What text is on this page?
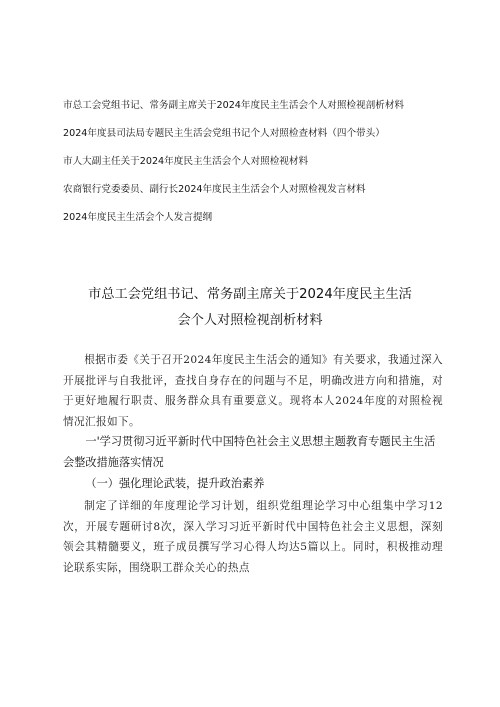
市总工会党组书记、常务副主席关于2024年度民主生活会个人对照检视剖析材料
2024年度县司法局专题民主生活会党组书记个人对照检查材料（四个带头）
市人大副主任关于2024年度民主生活会个人对照检视材料
农商银行党委委员、副行长2024年度民主生活会个人对照检视发言材料
2024年度民主生活会个人发言提纲
市总工会党组书记、常务副主席关于2024年度民主生活
会个人对照检视剖析材料
根据市委《关于召开2024年度民主生活会的通知》有关要求，我通过深入开展批评与自我批评，查找自身存在的问题与不足，明确改进方向和措施，对于更好地履行职责、服务群众具有重要意义。现将本人2024年度的对照检视情况汇报如下。
一'学习贯彻习近平新时代中国特色社会主义思想主题教育专题民主生活会整改措施落实情况
（一）强化理论武装，提升政治素养
制定了详细的年度理论学习计划，组织党组理论学习中心组集中学习12次，开展专题研讨8次，深入学习习近平新时代中国特色社会主义思想，深刻领会其精髓要义，班子成员撰写学习心得人均达5篇以上。同时，积极推动理论联系实际，围绕职工群众关心的热点
